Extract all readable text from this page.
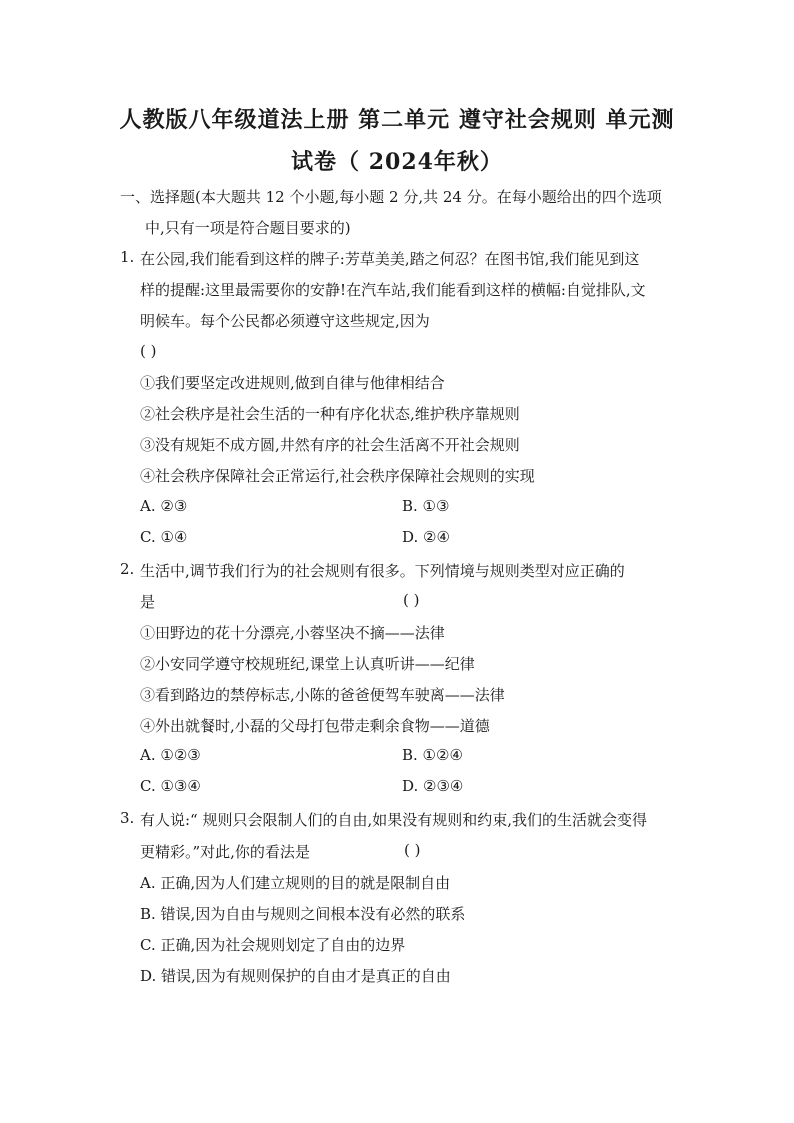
人教版八年级道法上册 第二单元 遵守社会规则 单元测
试卷（ 2024年秋）
一、选择题(本大题共 12 个小题,每小题 2 分,共 24 分。在每小题给出的四个选项
中,只有一项是符合题目要求的)
1. 在公园,我们能看到这样的牌子:芳草美美,踏之何忍？在图书馆,我们能见到这
样的提醒:这里最需要你的安静!在汽车站,我们能看到这样的横幅:自觉排队,文
明候车。每个公民都必须遵守这些规定,因为
( )
①我们要坚定改进规则,做到自律与他律相结合
②社会秩序是社会生活的一种有序化状态,维护秩序靠规则
③没有规矩不成方圆,井然有序的社会生活离不开社会规则
④社会秩序保障社会正常运行,社会秩序保障社会规则的实现
A. ②③	B. ①③
C. ①④	D. ②④
2. 生活中,调节我们行为的社会规则有很多。下列情境与规则类型对应正确的
是	( )
①田野边的花十分漂亮,小蓉坚决不摘——法律
②小安同学遵守校规班纪,课堂上认真听讲——纪律
③看到路边的禁停标志,小陈的爸爸便驾车驶离——法律
④外出就餐时,小磊的父母打包带走剩余食物——道德
A. ①②③	B. ①②④
C. ①③④	D. ②③④
3. 有人说:“ 规则只会限制人们的自由,如果没有规则和约束,我们的生活就会变得
更精彩。”对此,你的看法是	( )
A. 正确,因为人们建立规则的目的就是限制自由
B. 错误,因为自由与规则之间根本没有必然的联系
C. 正确,因为社会规则划定了自由的边界
D. 错误,因为有规则保护的自由才是真正的自由
